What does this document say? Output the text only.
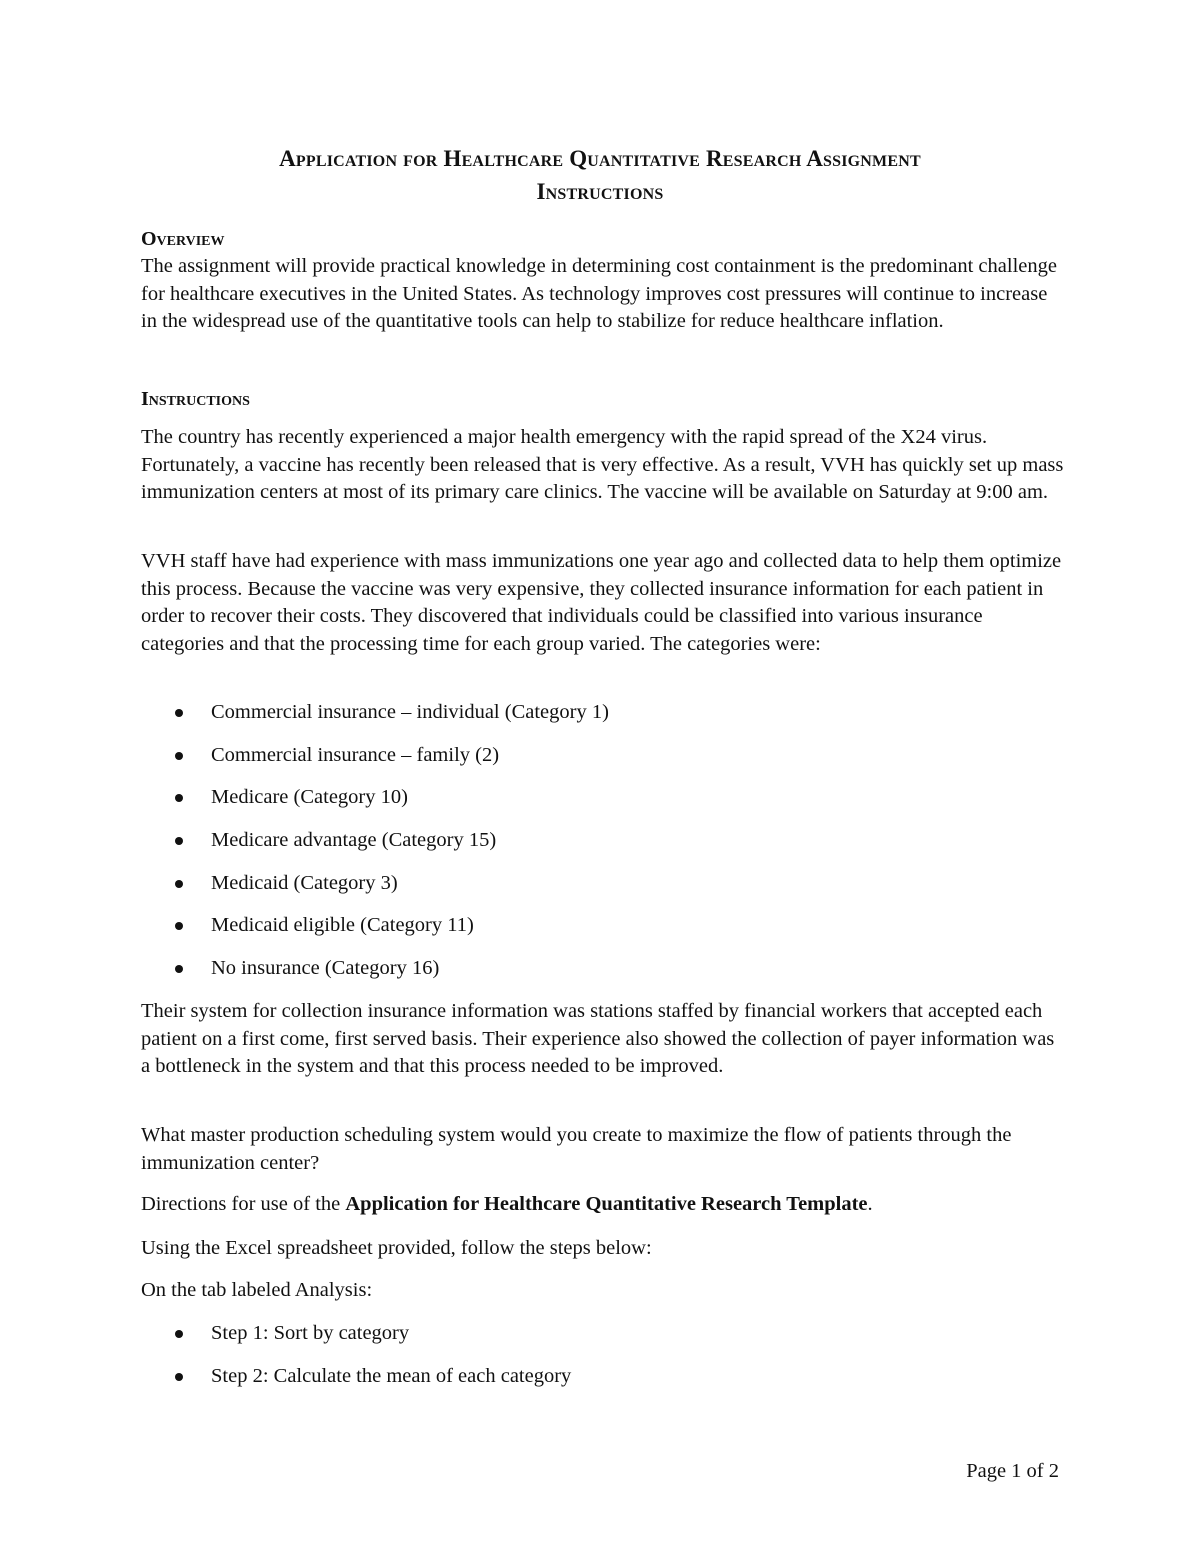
Application for Healthcare Quantitative Research Assignment
Instructions
Overview

The assignment will provide practical knowledge in determining cost containment is the predominant challenge for healthcare executives in the United States. As technology improves cost pressures will continue to increase in the widespread use of the quantitative tools can help to stabilize for reduce healthcare inflation.

Instructions

The country has recently experienced a major health emergency with the rapid spread of the X24 virus. Fortunately, a vaccine has recently been released that is very effective. As a result, VVH has quickly set up mass immunization centers at most of its primary care clinics. The vaccine will be available on Saturday at 9:00 am.

VVH staff have had experience with mass immunizations one year ago and collected data to help them optimize this process. Because the vaccine was very expensive, they collected insurance information for each patient in order to recover their costs. They discovered that individuals could be classified into various insurance categories and that the processing time for each group varied. The categories were:

Commercial insurance – individual (Category 1)
Commercial insurance – family (2)
Medicare (Category 10)
Medicare advantage (Category 15)
Medicaid (Category 3)
Medicaid eligible (Category 11)
No insurance (Category 16)

Their system for collection insurance information was stations staffed by financial workers that accepted each patient on a first come, first served basis. Their experience also showed the collection of payer information was a bottleneck in the system and that this process needed to be improved.

What master production scheduling system would you create to maximize the flow of patients through the immunization center?

Directions for use of the Application for Healthcare Quantitative Research Template.

Using the Excel spreadsheet provided, follow the steps below:

On the tab labeled Analysis:

Step 1: Sort by category
Step 2: Calculate the mean of each category
Page 1 of 2
